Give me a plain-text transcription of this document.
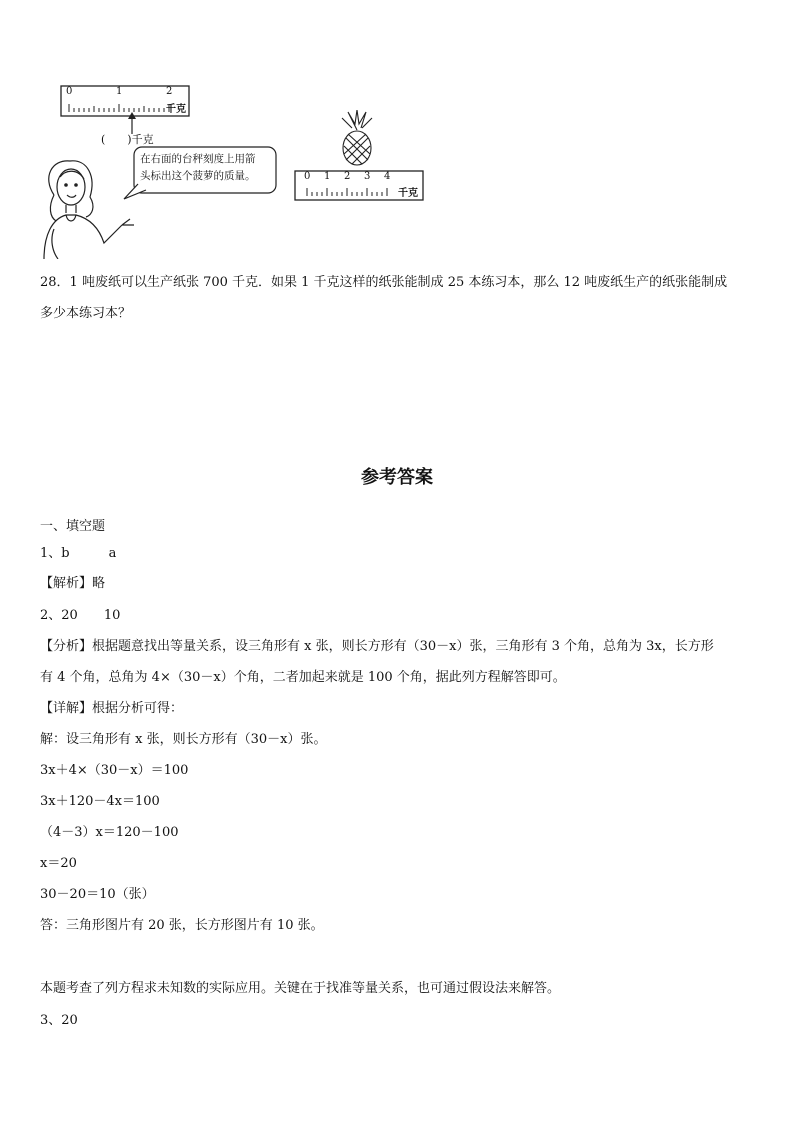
0	1	2
千克
(　　)千克
在右面的台秤刻度上用箭
头标出这个菠萝的质量。	0 1 2 3 4
千克
28．1 吨废纸可以生产纸张 700 千克．如果 1 千克这样的纸张能制成 25 本练习本，那么 12 吨废纸生产的纸张能制成
多少本练习本？
参考答案
一、填空题
1、b　　　a
【解析】略
2、20　　10
【分析】根据题意找出等量关系，设三角形有 x 张，则长方形有（30－x）张，三角形有 3 个角，总角为 3x，长方形
有 4 个角，总角为 4×（30－x）个角，二者加起来就是 100 个角，据此列方程解答即可。
【详解】根据分析可得：
解：设三角形有 x 张，则长方形有（30－x）张。
3x＋4×（30－x）＝100
3x＋120－4x＝100
（4－3）x＝120－100
x＝20
30－20＝10（张）
答：三角形图片有 20 张，长方形图片有 10 张。
本题考查了列方程求未知数的实际应用。关键在于找准等量关系，也可通过假设法来解答。
3、20
